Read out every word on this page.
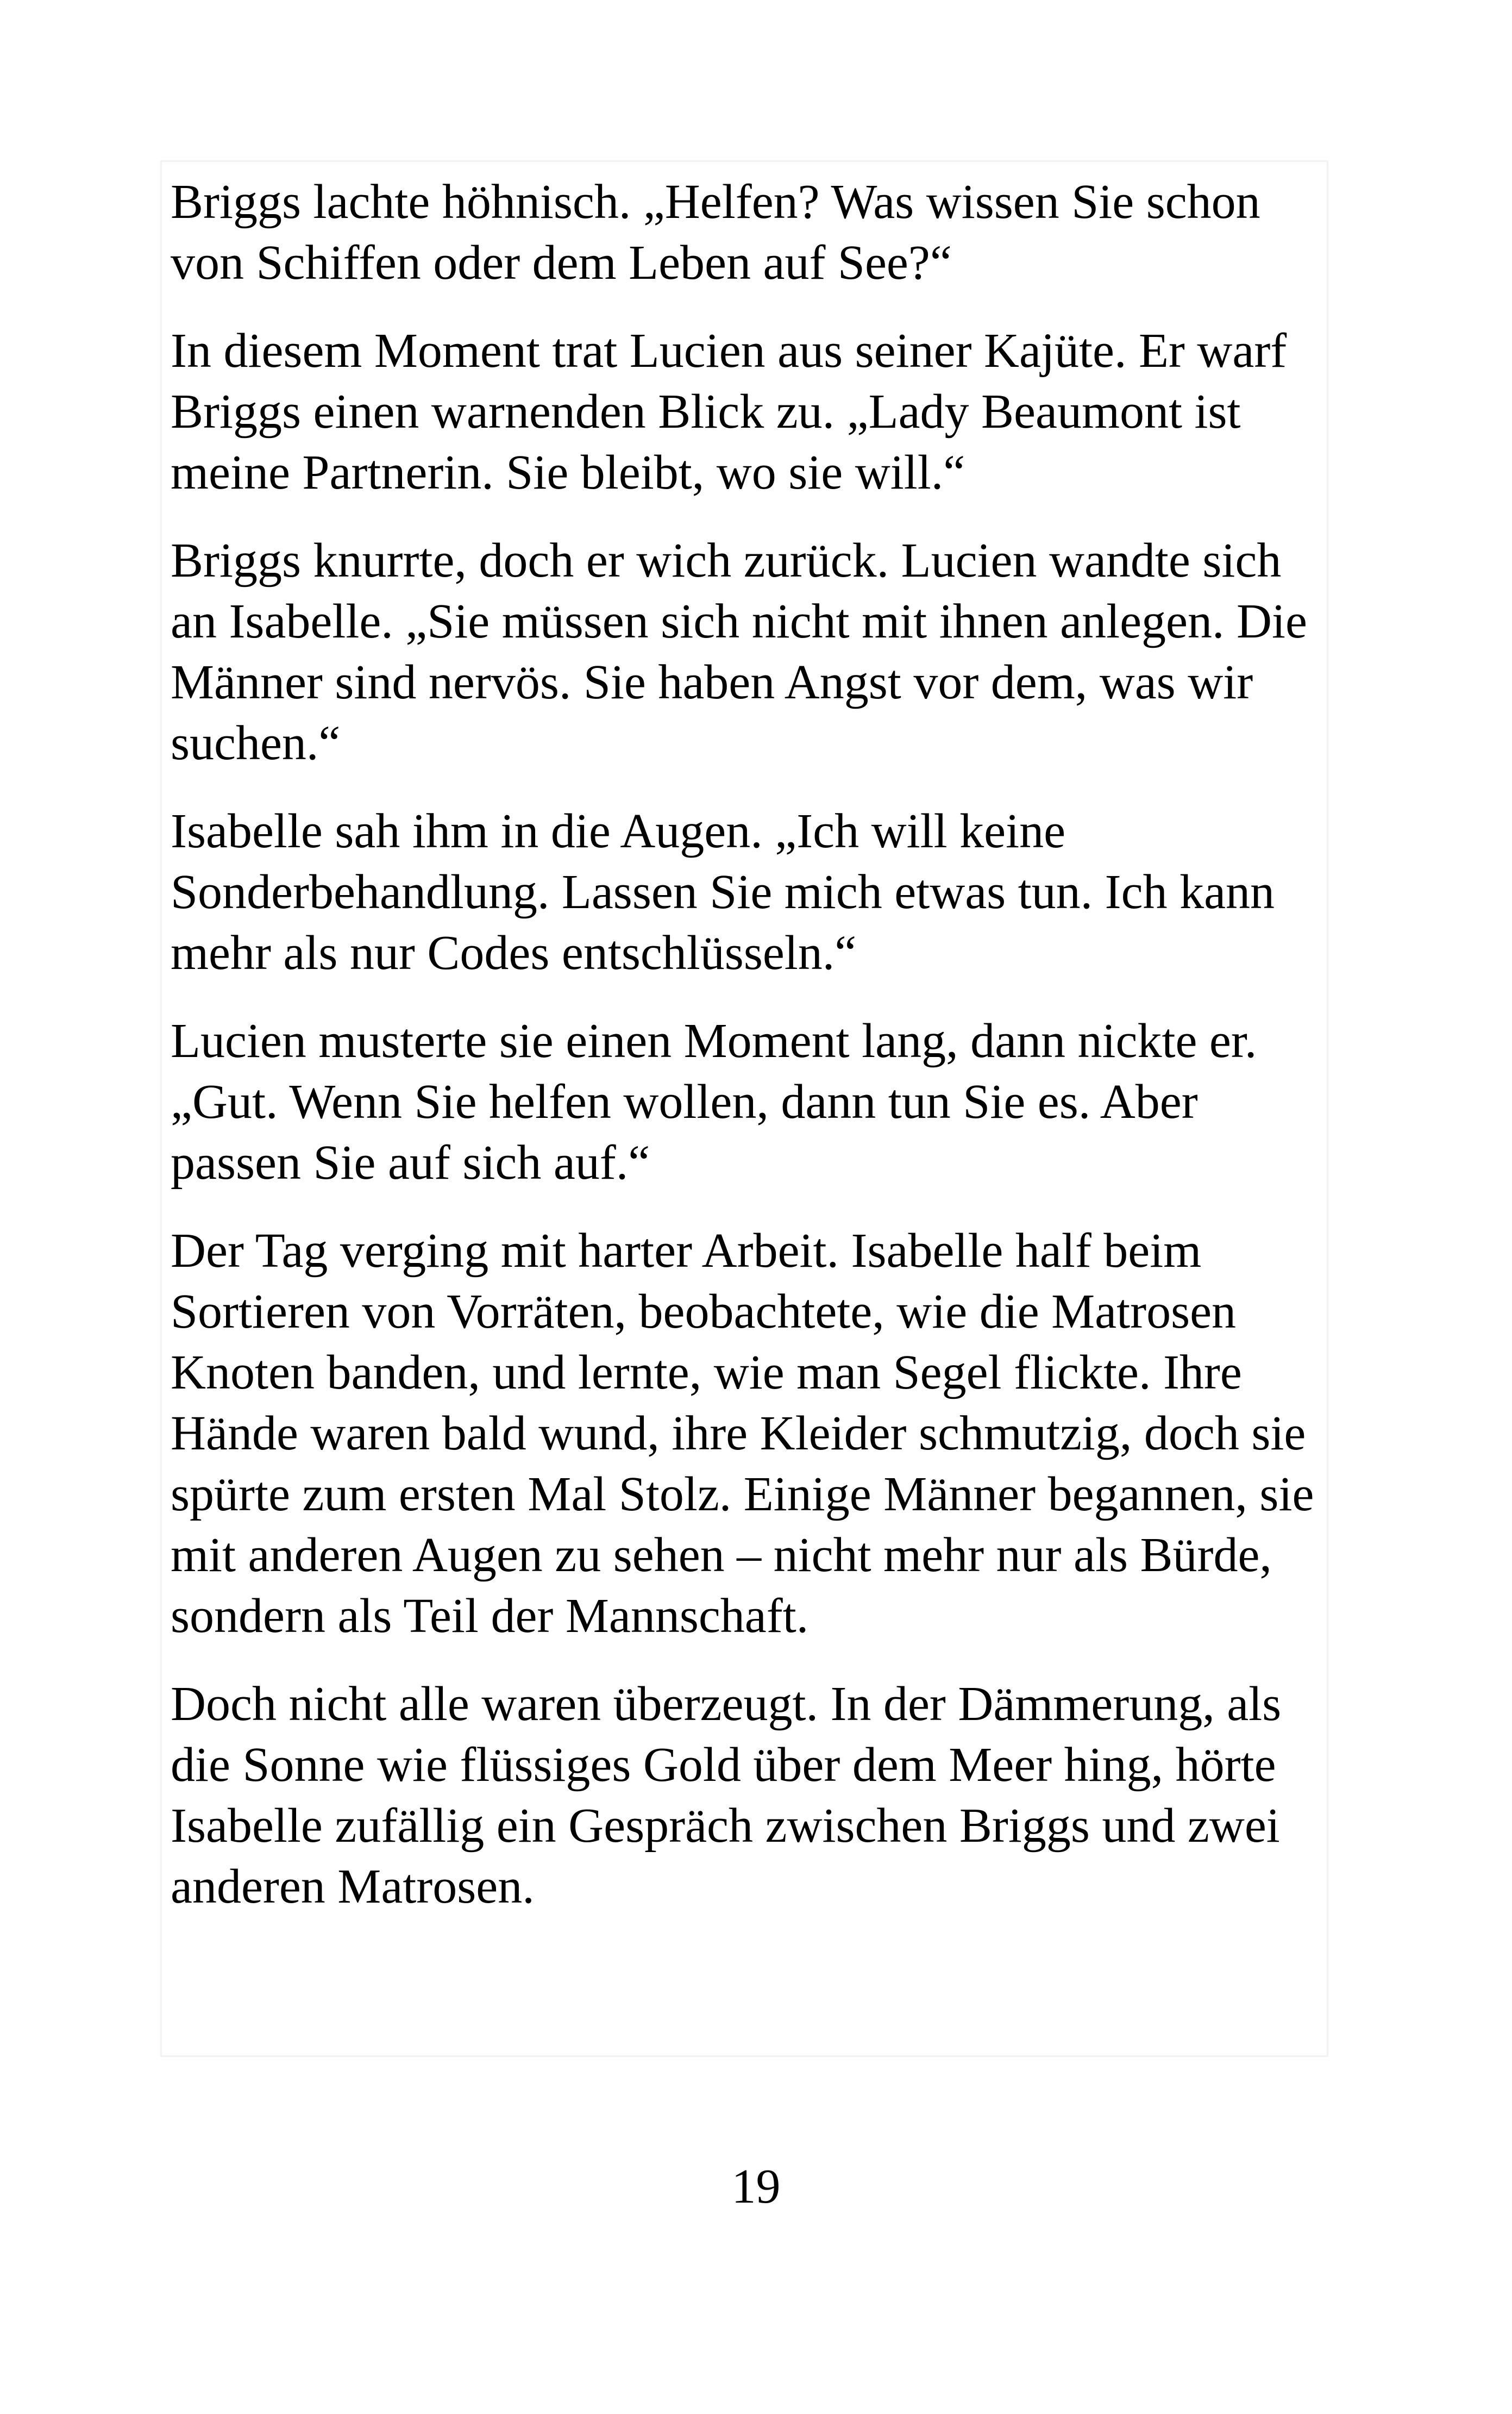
Briggs lachte höhnisch. „Helfen? Was wissen Sie schon von Schiffen oder dem Leben auf See?“

In diesem Moment trat Lucien aus seiner Kajüte. Er warf Briggs einen warnenden Blick zu. „Lady Beaumont ist meine Partnerin. Sie bleibt, wo sie will.“

Briggs knurrte, doch er wich zurück. Lucien wandte sich an Isabelle. „Sie müssen sich nicht mit ihnen anlegen. Die Männer sind nervös. Sie haben Angst vor dem, was wir suchen.“

Isabelle sah ihm in die Augen. „Ich will keine Sonderbehandlung. Lassen Sie mich etwas tun. Ich kann mehr als nur Codes entschlüsseln.“

Lucien musterte sie einen Moment lang, dann nickte er. „Gut. Wenn Sie helfen wollen, dann tun Sie es. Aber passen Sie auf sich auf.“

Der Tag verging mit harter Arbeit. Isabelle half beim Sortieren von Vorräten, beobachtete, wie die Matrosen Knoten banden, und lernte, wie man Segel flickte. Ihre Hände waren bald wund, ihre Kleider schmutzig, doch sie spürte zum ersten Mal Stolz. Einige Männer begannen, sie mit anderen Augen zu sehen – nicht mehr nur als Bürde, sondern als Teil der Mannschaft.

Doch nicht alle waren überzeugt. In der Dämmerung, als die Sonne wie flüssiges Gold über dem Meer hing, hörte Isabelle zufällig ein Gespräch zwischen Briggs und zwei anderen Matrosen.

19
